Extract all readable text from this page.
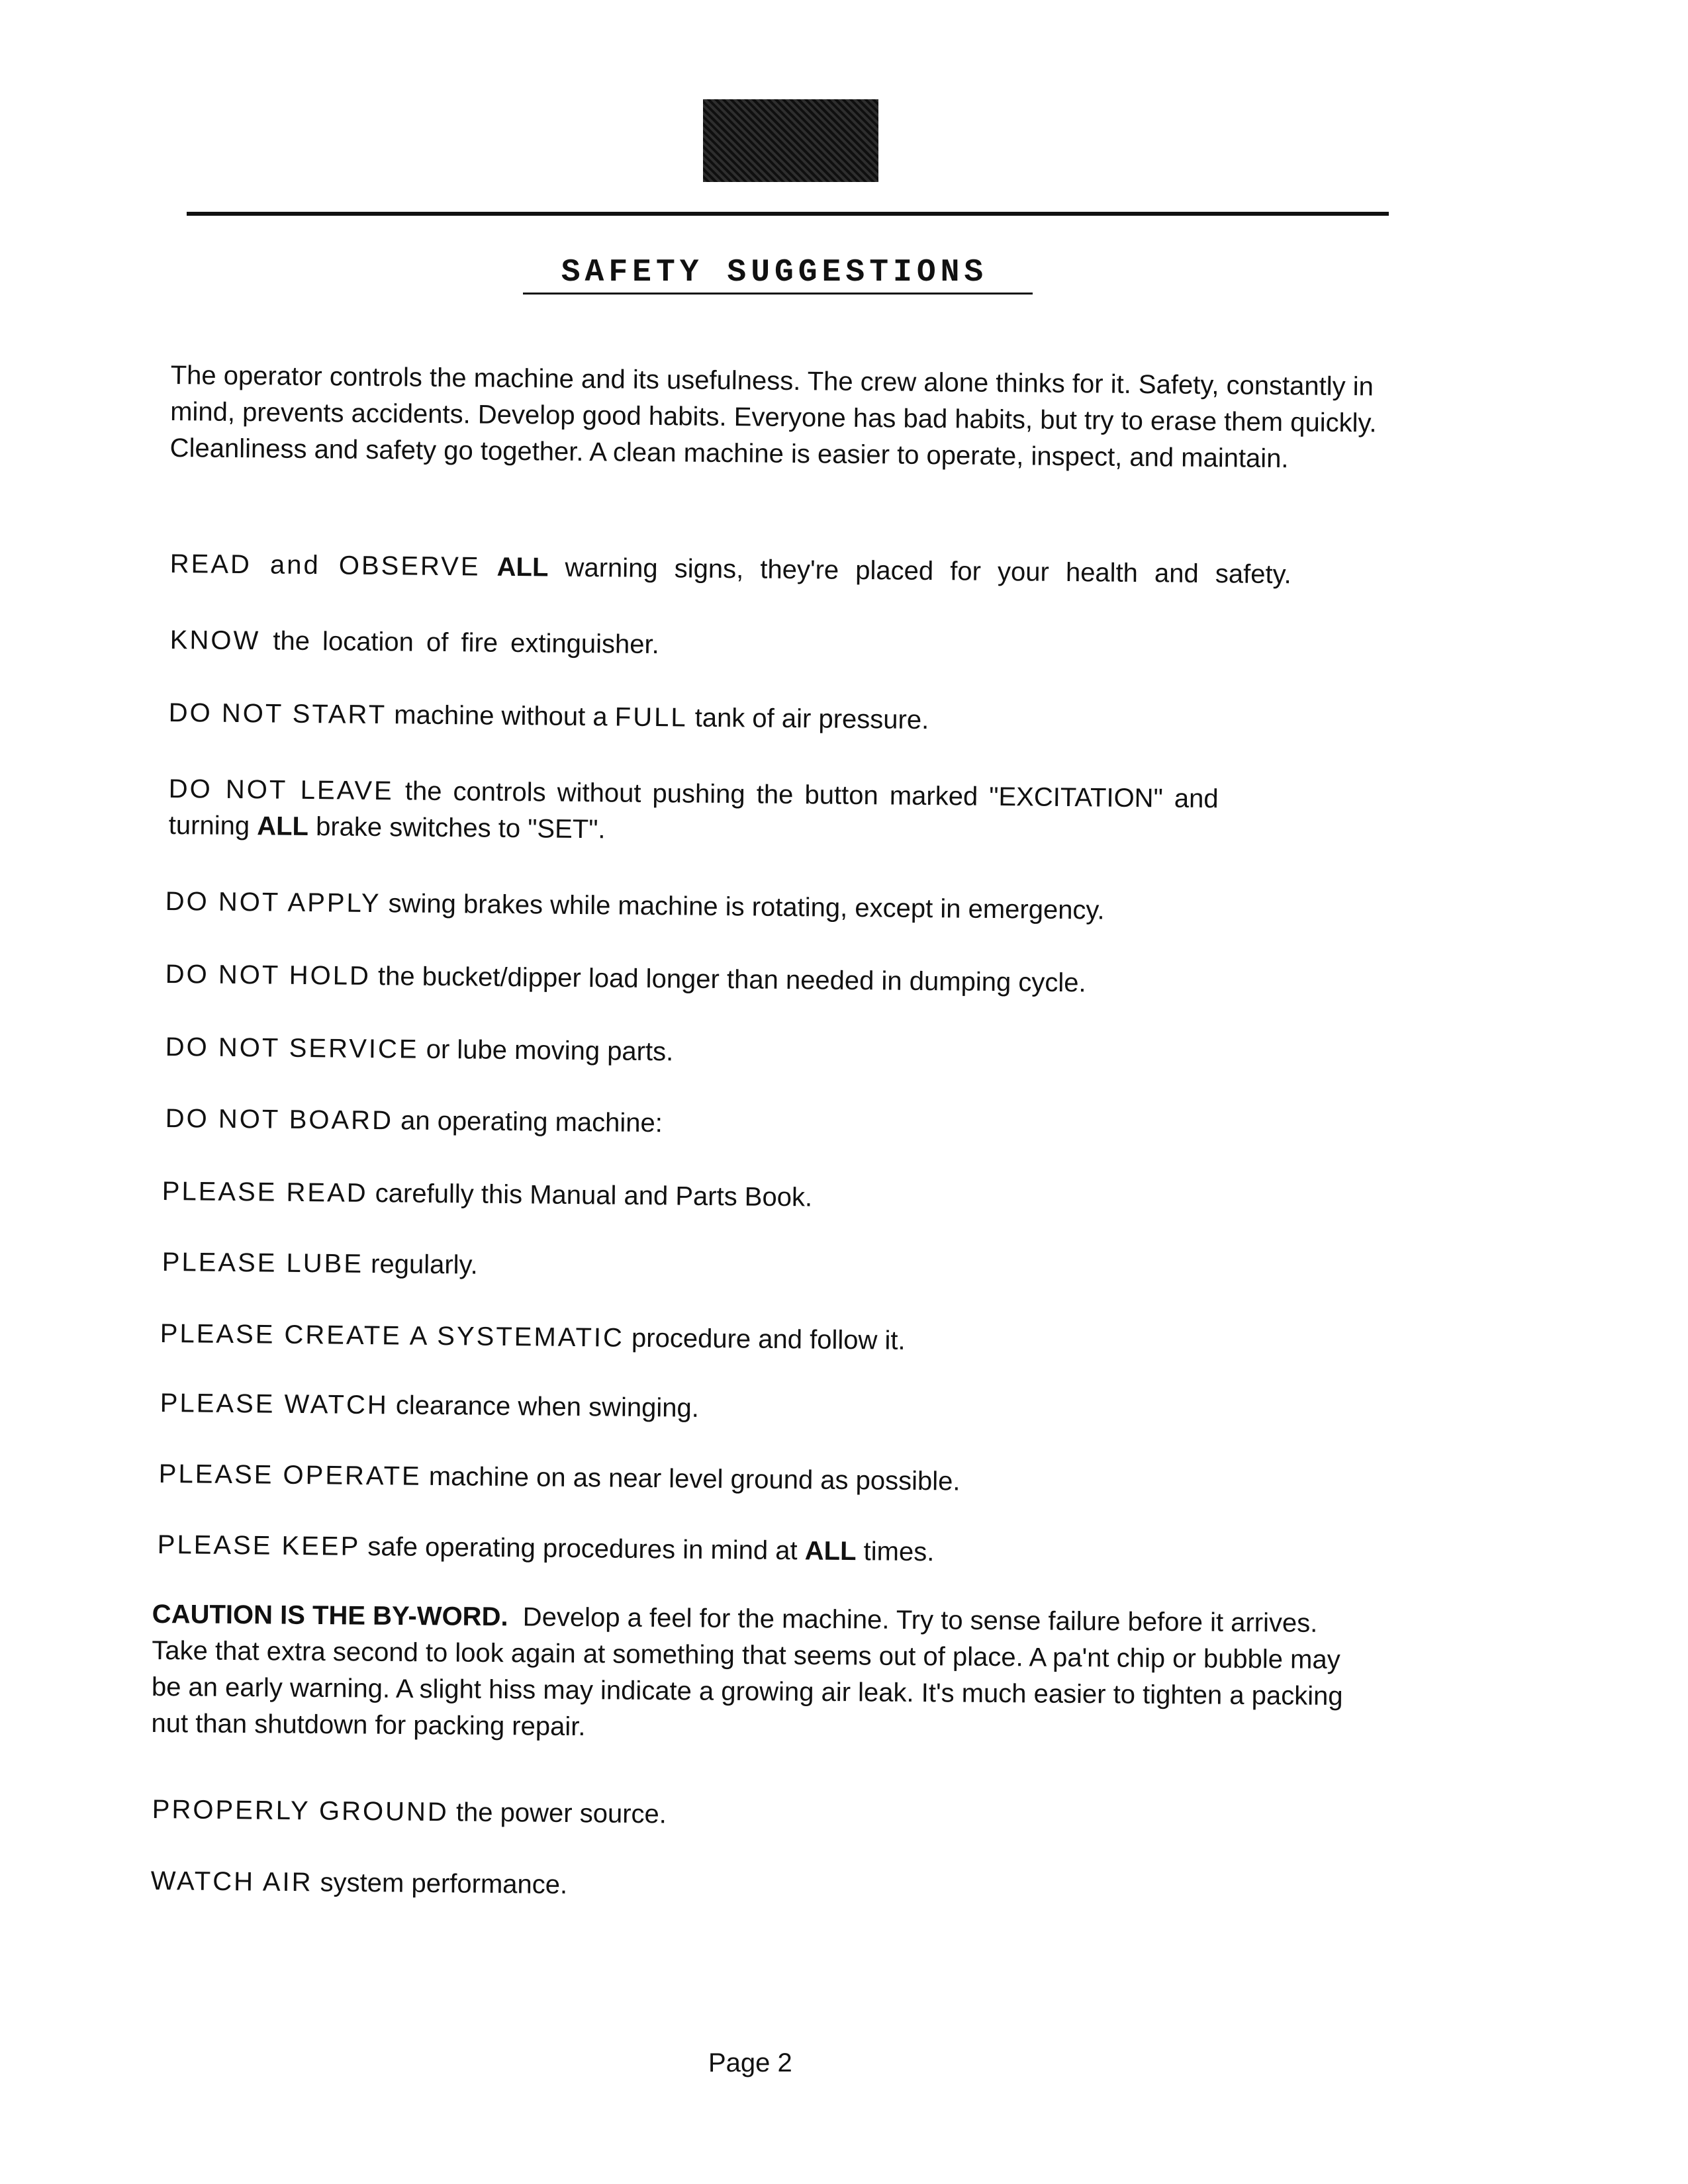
SAFETY SUGGESTIONS

The operator controls the machine and its usefulness. The crew alone thinks for it. Safety, constantly in mind, prevents accidents. Develop good habits. Everyone has bad habits, but try to erase them quickly. Cleanliness and safety go together. A clean machine is easier to operate, inspect, and maintain.

READ and OBSERVE ALL warning signs, they're placed for your health and safety.

KNOW the location of fire extinguisher.

DO NOT START machine without a FULL tank of air pressure.

DO NOT LEAVE the controls without pushing the button marked "EXCITATION" and

turning ALL brake switches to "SET".

DO NOT APPLY swing brakes while machine is rotating, except in emergency.

DO NOT HOLD the bucket/dipper load longer than needed in dumping cycle.

DO NOT SERVICE or lube moving parts.

DO NOT BOARD an operating machine:

PLEASE READ carefully this Manual and Parts Book.

PLEASE LUBE regularly.

PLEASE CREATE A SYSTEMATIC procedure and follow it.

PLEASE WATCH clearance when swinging.

PLEASE OPERATE machine on as near level ground as possible.

PLEASE KEEP safe operating procedures in mind at ALL times.

CAUTION IS THE BY-WORD. Develop a feel for the machine. Try to sense failure before it arrives. Take that extra second to look again at something that seems out of place. A pa'nt chip or bubble may be an early warning. A slight hiss may indicate a growing air leak. It's much easier to tighten a packing nut than shutdown for packing repair.

PROPERLY GROUND the power source.

WATCH AIR system performance.

Page 2
